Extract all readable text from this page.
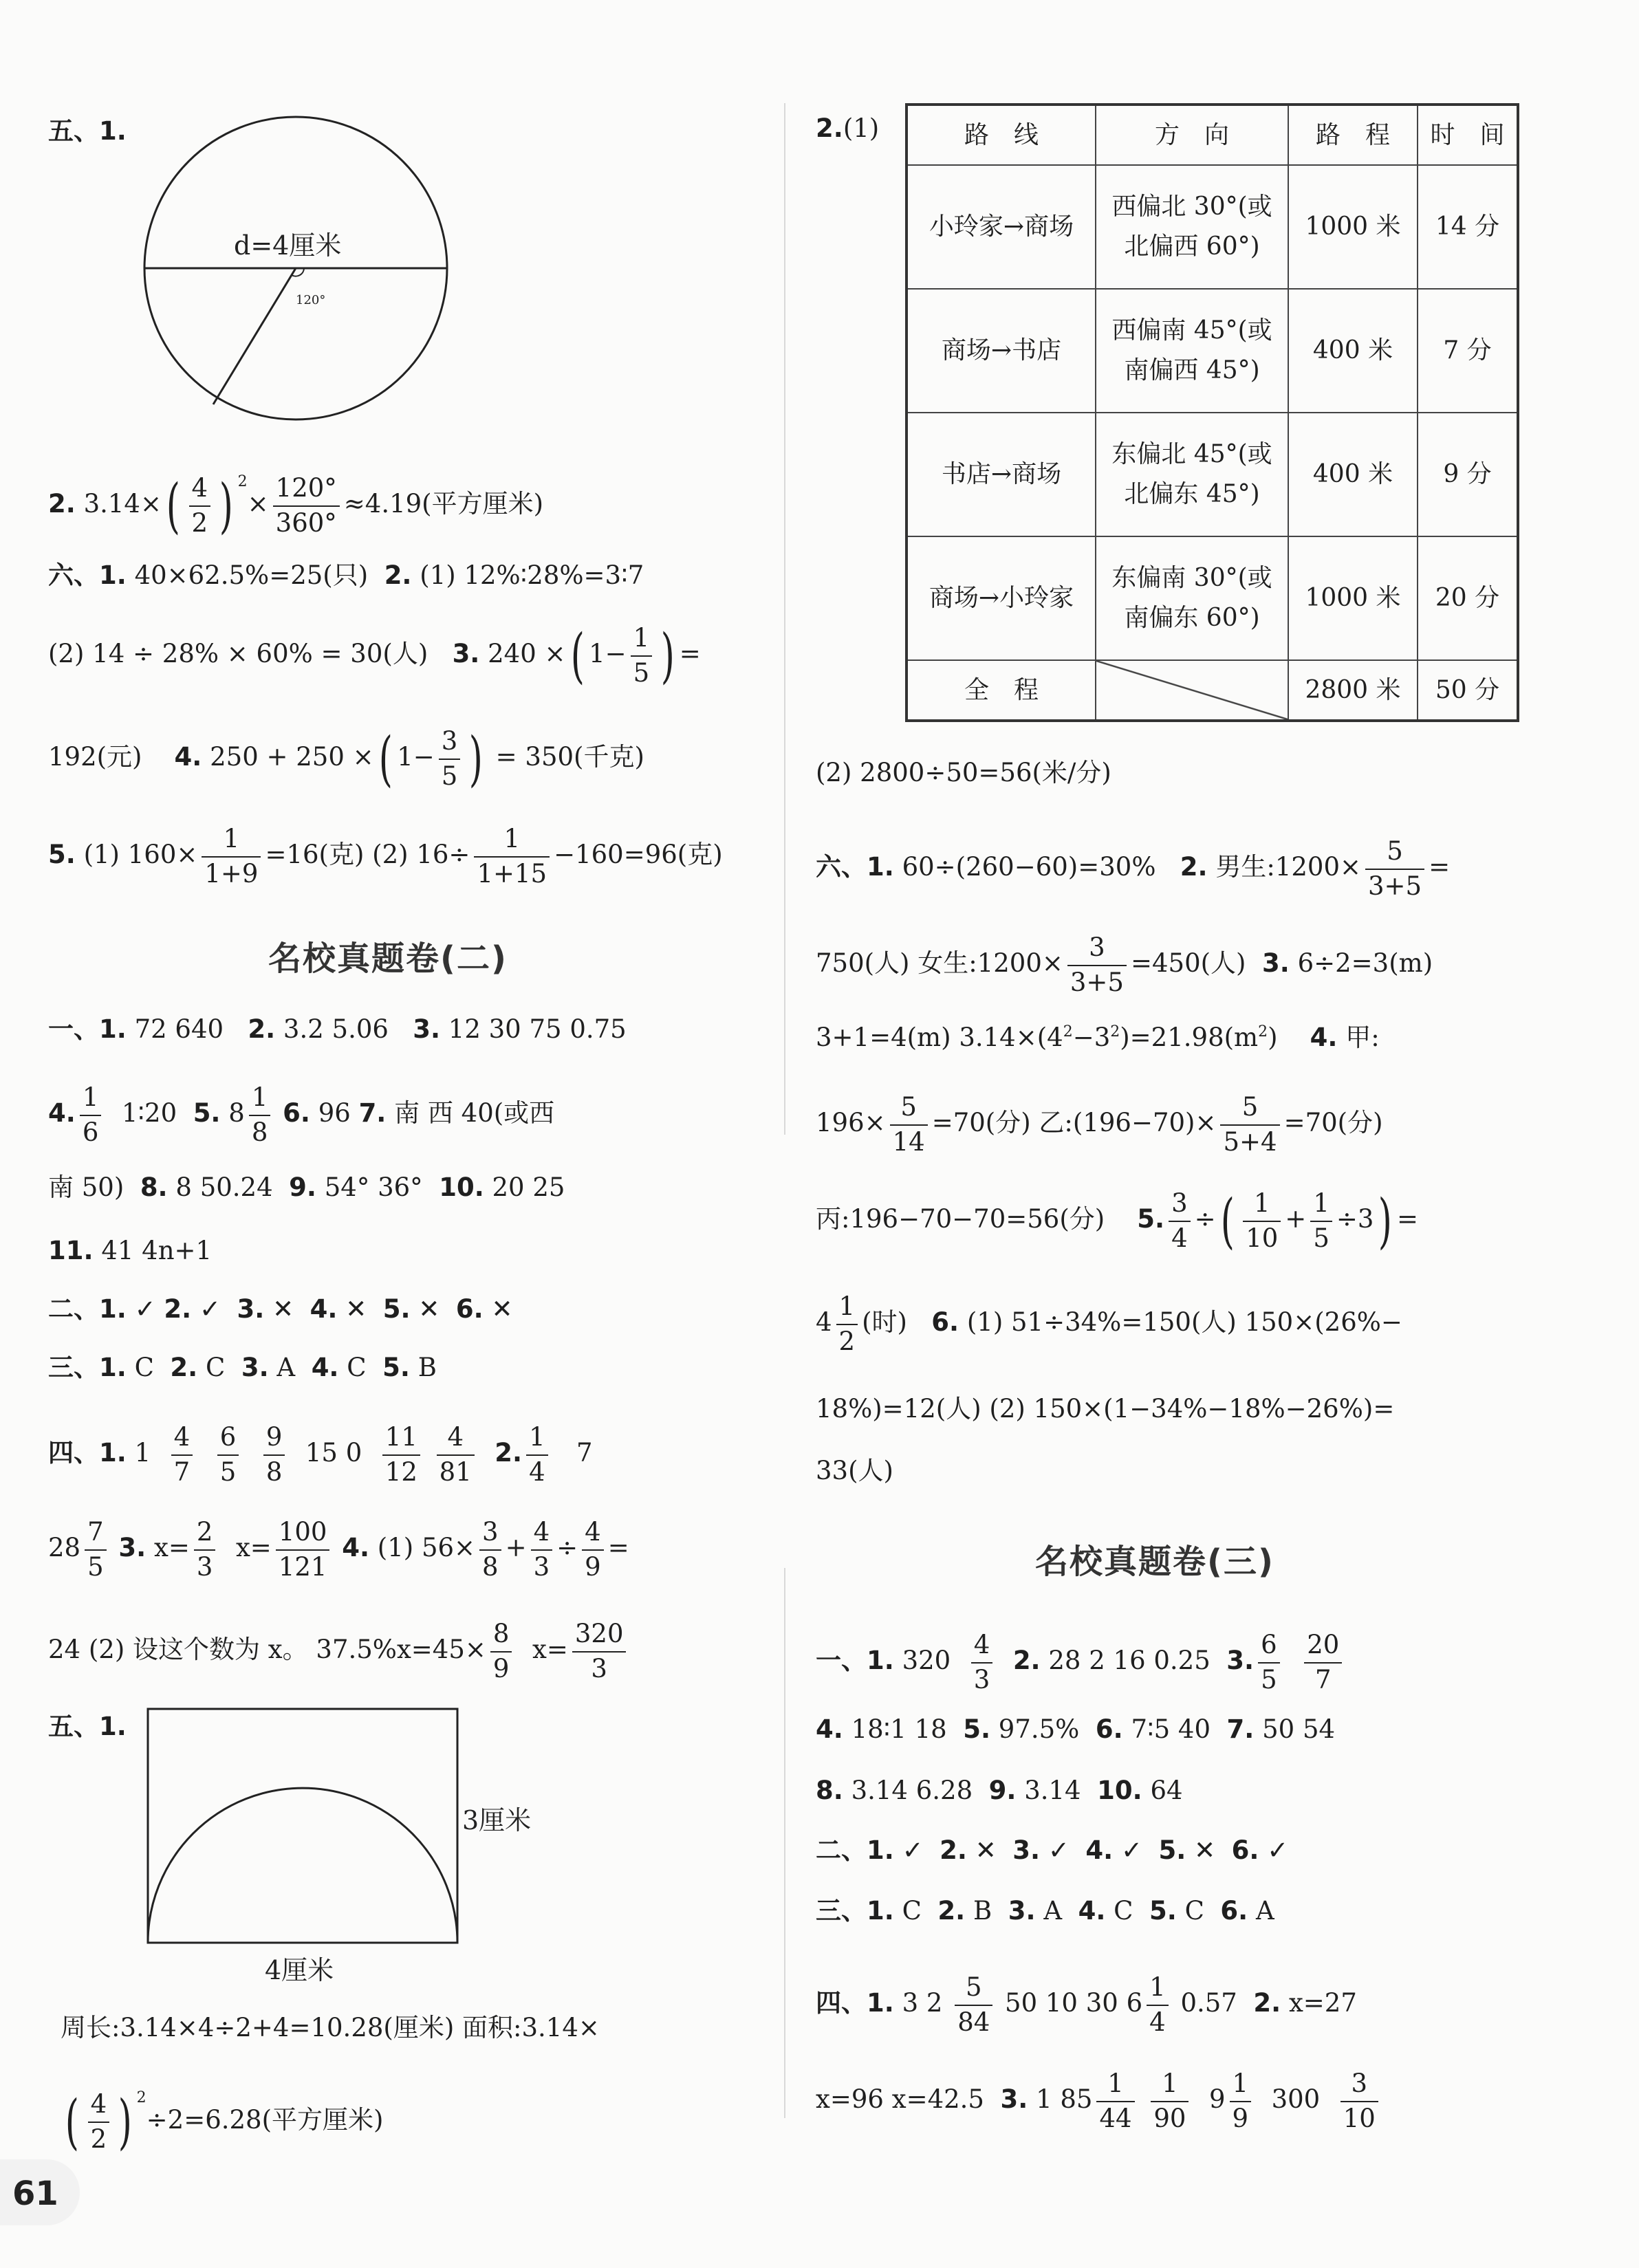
五、1.
d=4厘米
120°
2. $3.14\times( \frac{4}{2}$ ) $2\times \frac{120^\circ}{360^\circ} \approx 4.19$(平方厘米)
六、1. 40×62.5%=25(只) 2. (1) 12%∶28%=3∶7
(2) 14 ÷ 28% × 60% = 30(人) 3. 240 ×( $1- \frac{1}{5}$ ) =
192(元) 4. 250 + 250 ×( $1- \frac{3}{5}$ ) = 350(千克)
5. (1) $160\times \frac{1}{1+9} =16$(克) (2) $16\div \frac{1}{1+15} -160=96$(克)
名校真题卷(二)
一、1. 72 640 2. 3.2 5.06 3. 12 30 75 0.75
4. $\frac{1}{6}$ 1∶20 5. $8 \frac{1}{8} 6$. 96 7. 南 西 40(或西
南 50) 8. 8 50.24 9. 54° 36° 10. 20 25
11. 41 4n+1
二、1. ✓ 2. ✓ 3. ✕ 4. ✕ 5. ✕ 6. ✕
三、1. C 2. C 3. A 4. C 5. B
四、1. $1 \frac{4}{7}$
$\frac{6}{5}$
$\frac{9}{8} 15$ $0 \frac{11}{12}$
$\frac{4}{81} 2$. $\frac{1}{4} 7$
$28 \frac{7}{5} 3$. $x= \frac{2}{3} x= \frac{100}{121} 4$. (1) $56\times \frac{3}{8} + \frac{4}{3} \div \frac{4}{9}$ =
24 (2) 设这个数为 x。 $37.5\%x=45\times \frac{8}{9} x= \frac{320}{3}$
五、1.
3厘米
4厘米
周长:3.14×4÷2+4=10.28(厘米) 面积:3.14×
( $\frac{4}{2}$ ) 2÷2=6.28(平方厘米)
2.(1)	路　线	方　向	路　程	时　间
小玲家→商场	西偏北 30°(或
北偏西 60°)	1000 米	14 分
商场→书店	西偏南 45°(或
南偏西 45°)	400 米	7 分
书店→商场	东偏北 45°(或
北偏东 45°)	400 米	9 分
商场→小玲家	东偏南 30°(或
南偏东 60°)	1000 米	20 分
全　程		2800 米	50 分
(2) 2800÷50=56(米/分)
六、1. 60÷(260−60)=30% 2. 男生:1200× $\frac{5}{3+5}$ =
750(人) 女生:1200× $\frac{3}{3+5} =450$(人) 3. 6÷2=3(m)
3+1=4(m) 3.14×(42−32)=21.98(m2) 4. 甲:
$196\times \frac{5}{14} =70$(分) 乙:(196−70)× $\frac{5}{5+4} =70$(分)
丙:196−70−70=56(分) 5. $\frac{3}{4}$ ÷( $\frac{1}{10} + \frac{1}{5} \div 3$) =
$4 \frac{1}{2}$ (时) 6. (1) 51÷34%=150(人) 150×(26%−
18%)=12(人) (2) 150×(1−34%−18%−26%)=
33(人)
名校真题卷(三)
一、1. $320 \frac{4}{3} 2$. 28 2 16 0.25 3. $\frac{6}{5}$
$\frac{20}{7}$
4. 18∶1 18 5. 97.5% 6. 7∶5 40 7. 50 54
8. 3.14 6.28 9. 3.14 10. 64
二、1. ✓ 2. ✕ 3. ✓ 4. ✓ 5. ✕ 6. ✓
三、1. C 2. B 3. A 4. C 5. C 6. A
四、1. 3 $2 \frac{5}{84} 50$ 10 30 $6 \frac{1}{4} 0.57$ 2. x=27
x=96 x=42.5 3. 1 $85 \frac{1}{44}$
$\frac{1}{90} 9 \frac{1}{9} 300 \frac{3}{10}$
61
